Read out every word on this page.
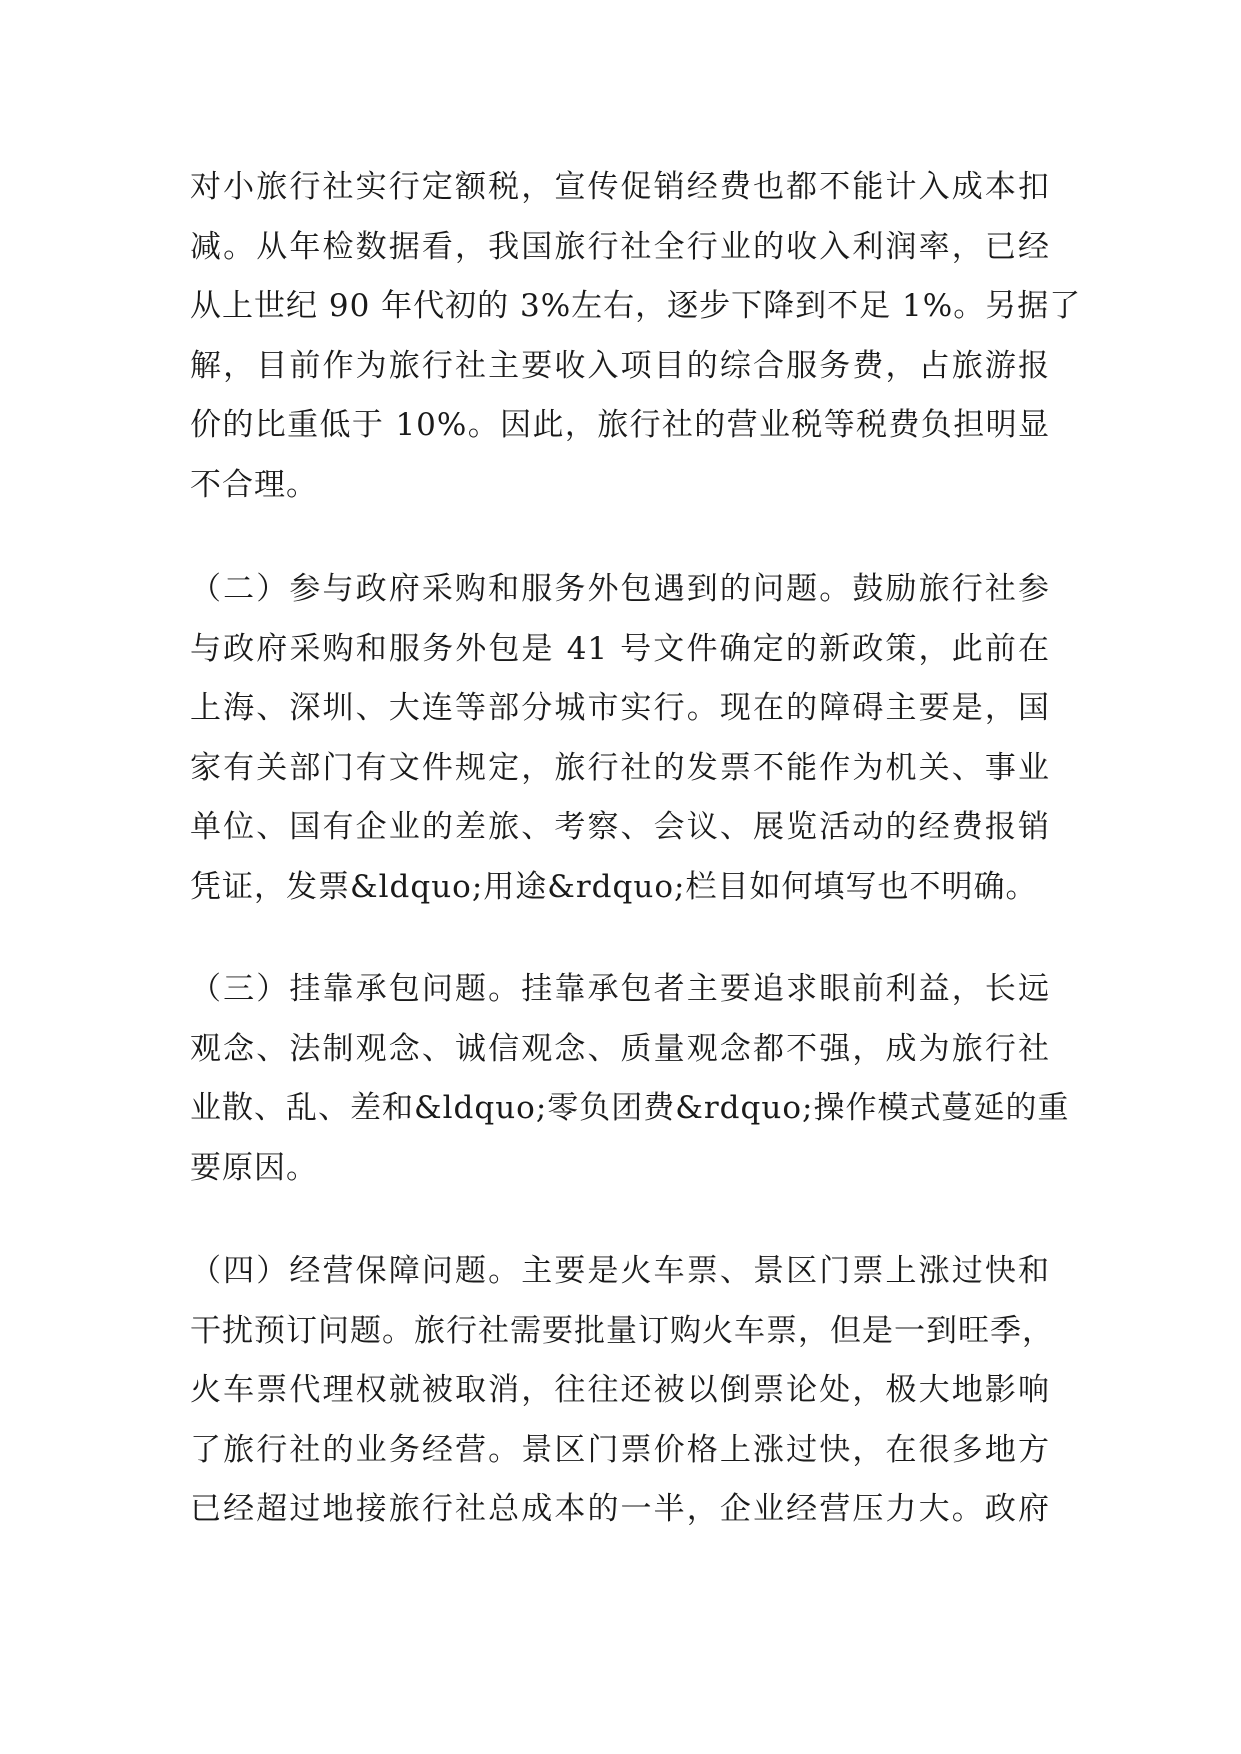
对小旅行社实行定额税，宣传促销经费也都不能计入成本扣
减。从年检数据看，我国旅行社全行业的收入利润率，已经
从上世纪 90 年代初的 3%左右，逐步下降到不足 1%。另据了
解，目前作为旅行社主要收入项目的综合服务费，占旅游报
价的比重低于 10%。因此，旅行社的营业税等税费负担明显
不合理。
（二）参与政府采购和服务外包遇到的问题。鼓励旅行社参
与政府采购和服务外包是 41 号文件确定的新政策，此前在
上海、深圳、大连等部分城市实行。现在的障碍主要是，国
家有关部门有文件规定，旅行社的发票不能作为机关、事业
单位、国有企业的差旅、考察、会议、展览活动的经费报销
凭证，发票&ldquo;用途&rdquo;栏目如何填写也不明确。
（三）挂靠承包问题。挂靠承包者主要追求眼前利益，长远
观念、法制观念、诚信观念、质量观念都不强，成为旅行社
业散、乱、差和&ldquo;零负团费&rdquo;操作模式蔓延的重
要原因。
（四）经营保障问题。主要是火车票、景区门票上涨过快和
干扰预订问题。旅行社需要批量订购火车票，但是一到旺季，
火车票代理权就被取消，往往还被以倒票论处，极大地影响
了旅行社的业务经营。景区门票价格上涨过快，在很多地方
已经超过地接旅行社总成本的一半，企业经营压力大。政府
